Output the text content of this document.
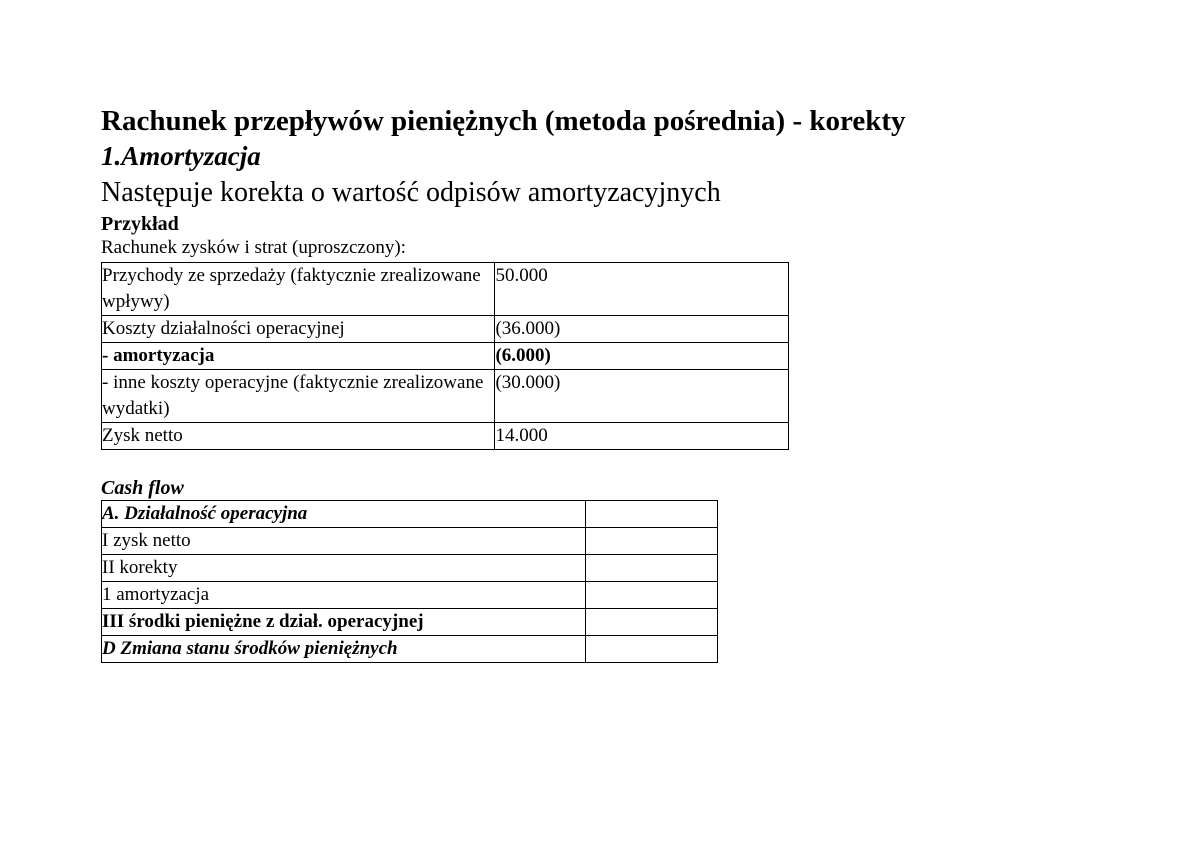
Rachunek przepływów pieniężnych (metoda pośrednia) - korekty
1.Amortyzacja
Następuje korekta o wartość odpisów amortyzacyjnych
Przykład
Rachunek zysków i strat (uproszczony):
Przychody ze sprzedaży (faktycznie zrealizowane wpływy)	50.000
Koszty działalności operacyjnej	(36.000)
- amortyzacja	(6.000)
- inne koszty operacyjne (faktycznie zrealizowane wydatki)	(30.000)
Zysk netto	14.000
Cash flow
A. Działalność operacyjna	
I zysk netto	
II korekty	
1 amortyzacja	
III środki pieniężne z dział. operacyjnej	
D Zmiana stanu środków pieniężnych	
